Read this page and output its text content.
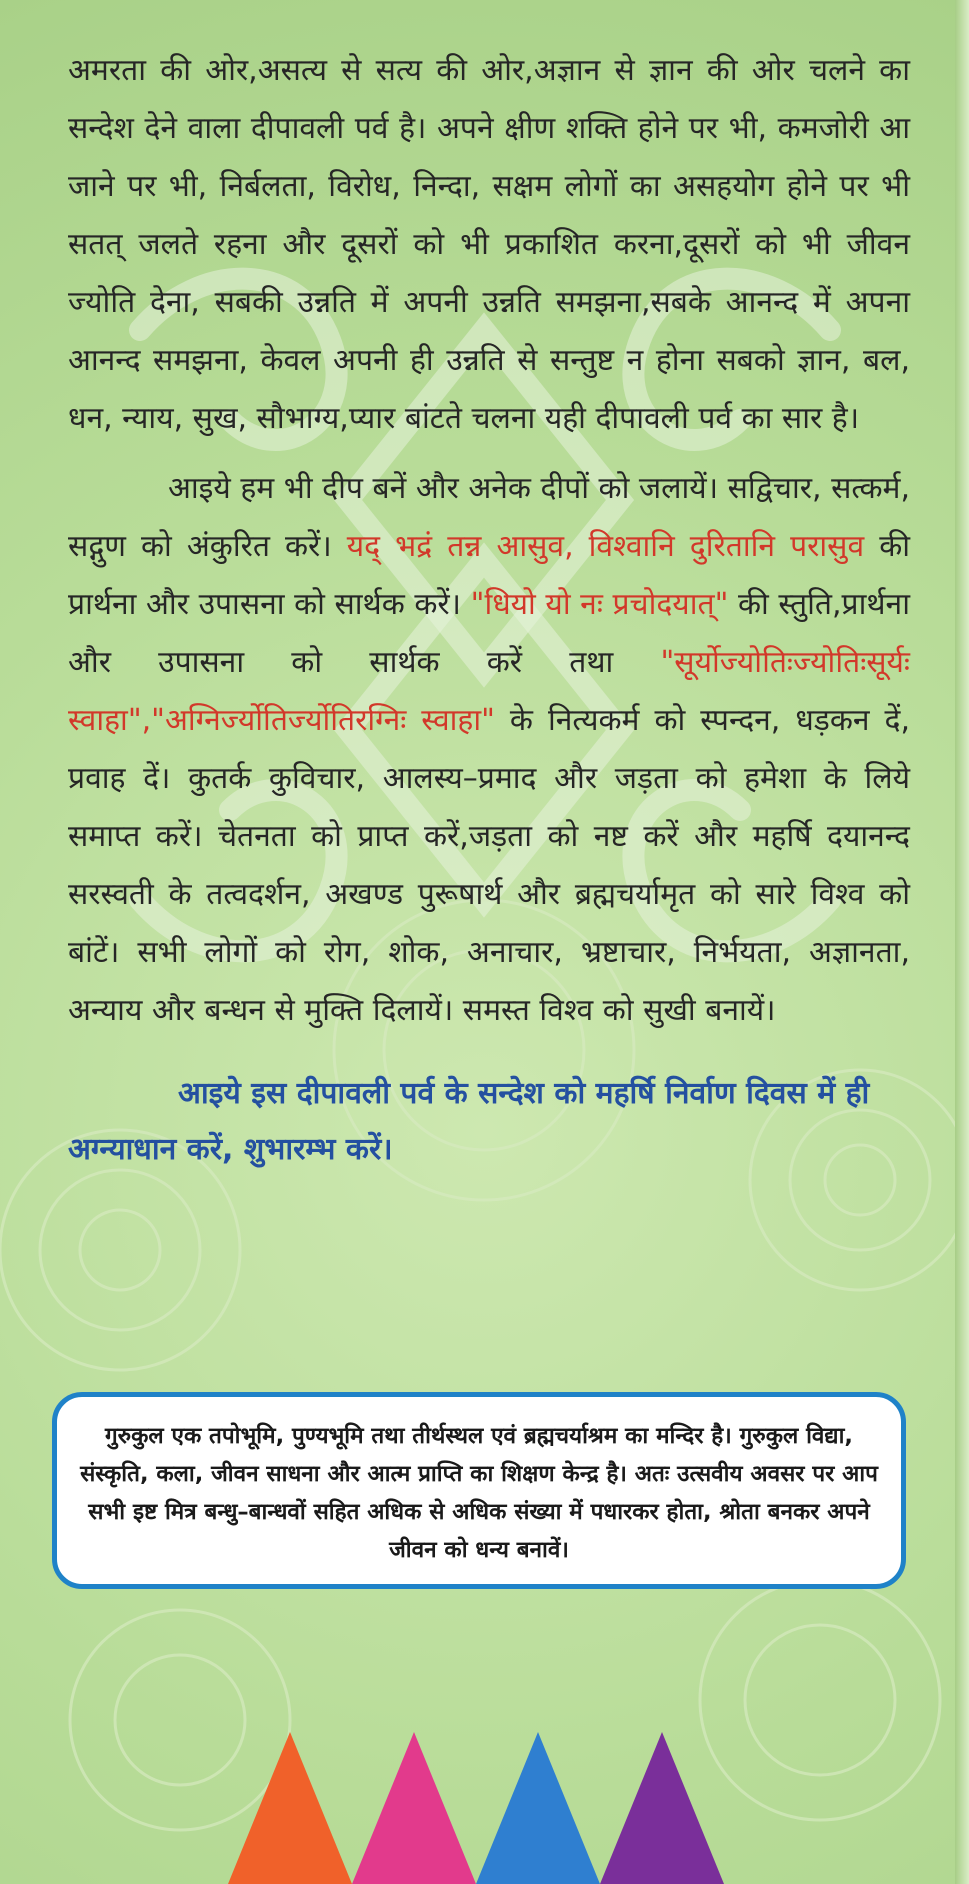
अमरता की ओर,असत्य से सत्य की ओर,अज्ञान से ज्ञान की ओर चलने का सन्देश देने वाला दीपावली पर्व है। अपने क्षीण शक्ति होने पर भी, कमजोरी आ जाने पर भी, निर्बलता, विरोध, निन्दा, सक्षम लोगों का असहयोग होने पर भी सतत् जलते रहना और दूसरों को भी प्रकाशित करना,दूसरों को भी जीवन ज्योति देना, सबकी उन्नति में अपनी उन्नति समझना,सबके आनन्द में अपना आनन्द समझना, केवल अपनी ही उन्नति से सन्तुष्ट न होना सबको ज्ञान, बल, धन, न्याय, सुख, सौभाग्य,प्यार बांटते चलना यही दीपावली पर्व का सार है।

आइये हम भी दीप बनें और अनेक दीपों को जलायें। सद्विचार, सत्कर्म, सद्गुण को अंकुरित करें। यद् भद्रं तन्न आसुव, विश्वानि दुरितानि परासुव की प्रार्थना और उपासना को सार्थक करें। "धियो यो नः प्रचोदयात्" की स्तुति,प्रार्थना और उपासना को सार्थक करें तथा "सूर्योज्योतिःज्योतिःसूर्यः स्वाहा","अग्निर्ज्योतिर्ज्योतिरग्निः स्वाहा" के नित्यकर्म को स्पन्दन, धड़कन दें, प्रवाह दें। कुतर्क कुविचार, आलस्य–प्रमाद और जड़ता को हमेशा के लिये समाप्त करें। चेतनता को प्राप्त करें,जड़ता को नष्ट करें और महर्षि दयानन्द सरस्वती के तत्वदर्शन, अखण्ड पुरूषार्थ और ब्रह्मचर्यामृत को सारे विश्व को बांटें। सभी लोगों को रोग, शोक, अनाचार, भ्रष्टाचार, निर्भयता, अज्ञानता, अन्याय और बन्धन से मुक्ति दिलायें। समस्त विश्व को सुखी बनायें।

आइये इस दीपावली पर्व के सन्देश को महर्षि निर्वाण दिवस में ही अग्न्याधान करें, शुभारम्भ करें।

गुरुकुल एक तपोभूमि, पुण्यभूमि तथा तीर्थस्थल एवं ब्रह्मचर्याश्रम का मन्दिर है। गुरुकुल विद्या, संस्कृति, कला, जीवन साधना और आत्म प्राप्ति का शिक्षण केन्द्र है। अतः उत्सवीय अवसर पर आप सभी इष्ट मित्र बन्धु–बान्धवों सहित अधिक से अधिक संख्या में पधारकर होता, श्रोता बनकर अपने जीवन को धन्य बनावें।
